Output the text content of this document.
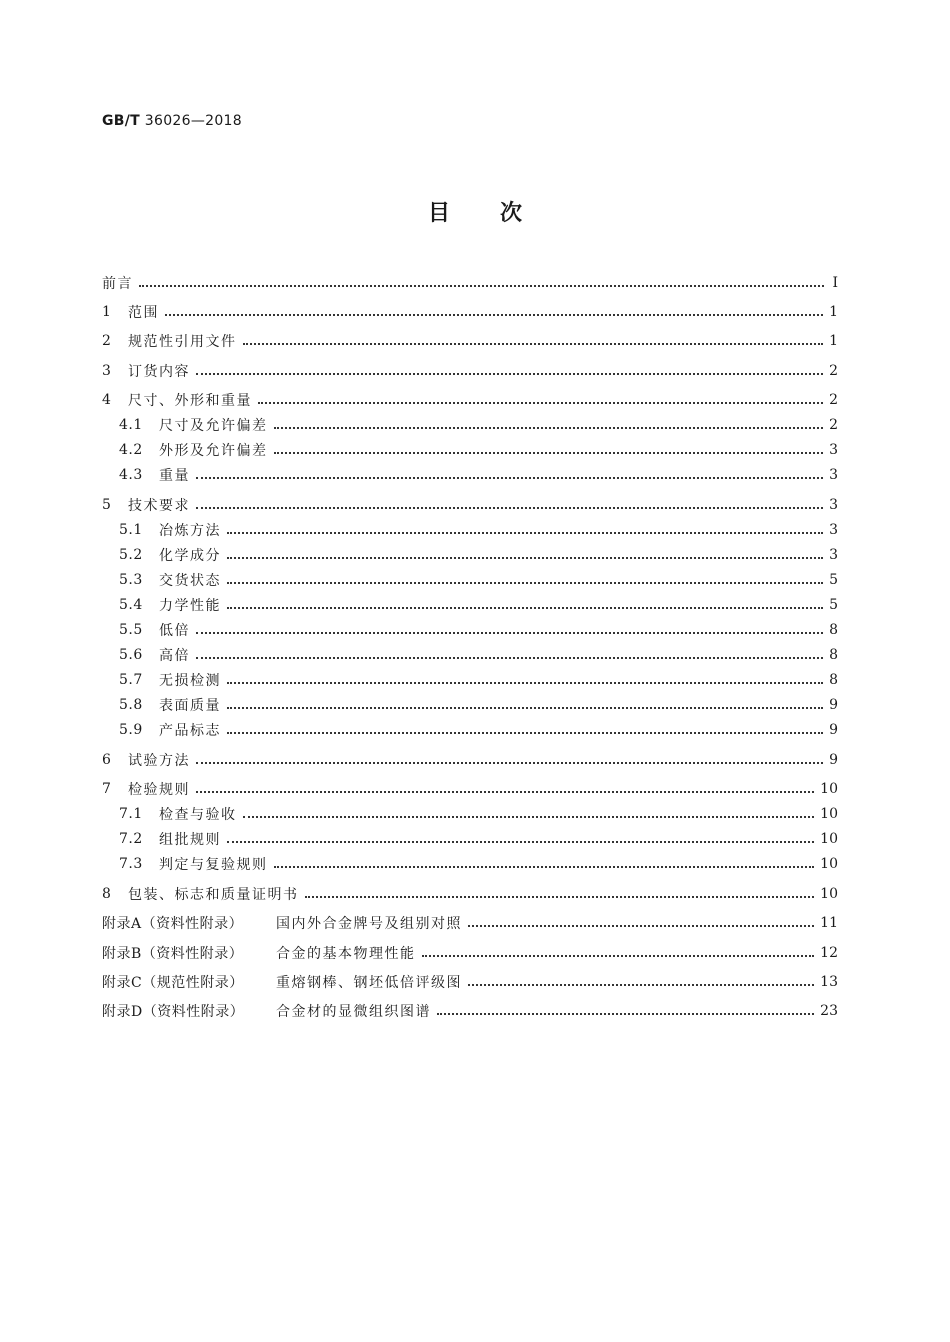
GB/T 36026—2018
目次
前言	Ⅰ
1	范围	1
2	规范性引用文件	1
3	订货内容	2
4	尺寸、外形和重量	2
4.1	尺寸及允许偏差	2
4.2	外形及允许偏差	3
4.3	重量	3
5	技术要求	3
5.1	冶炼方法	3
5.2	化学成分	3
5.3	交货状态	5
5.4	力学性能	5
5.5	低倍	8
5.6	高倍	8
5.7	无损检测	8
5.8	表面质量	9
5.9	产品标志	9
6	试验方法	9
7	检验规则	10
7.1	检查与验收	10
7.2	组批规则	10
7.3	判定与复验规则	10
8	包装、标志和质量证明书	10
附录A（资料性附录）	国内外合金牌号及组别对照	11
附录B（资料性附录）	合金的基本物理性能	12
附录C（规范性附录）	重熔钢棒、钢坯低倍评级图	13
附录D（资料性附录）	合金材的显微组织图谱	23
